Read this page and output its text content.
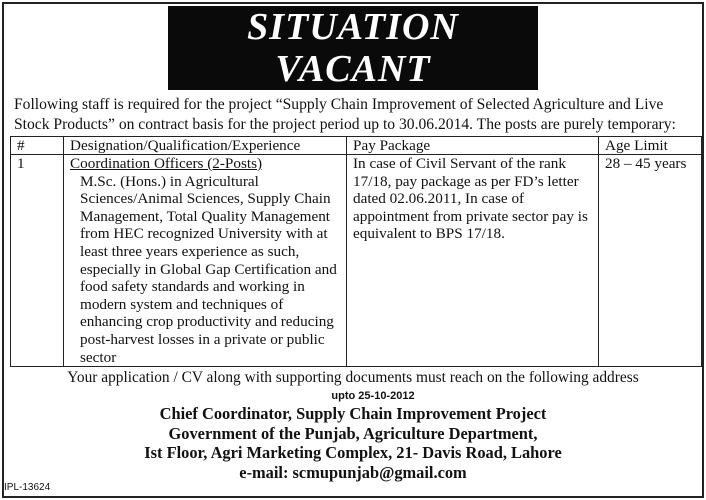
SITUATION VACANT

Following staff is required for the project “Supply Chain Improvement of Selected Agriculture and Live Stock Products” on contract basis for the project period up to 30.06.2014. The posts are purely temporary:

#	Designation/Qualification/Experience	Pay Package	Age Limit
1	Coordination Officers (2-Posts)
M.Sc. (Hons.) in Agricultural Sciences/Animal Sciences, Supply Chain Management, Total Quality Management from HEC recognized University with at least three years experience as such, especially in Global Gap Certification and food safety standards and working in modern system and techniques of enhancing crop productivity and reducing post-harvest losses in a private or public sector	In case of Civil Servant of the rank 17/18, pay package as per FD’s letter dated 02.06.2011, In case of appointment from private sector pay is equivalent to BPS 17/18.	28 – 45 years
Your application / CV along with supporting documents must reach on the following address
upto 25-10-2012
Chief Coordinator, Supply Chain Improvement Project
Government of the Punjab, Agriculture Department,
Ist Floor, Agri Marketing Complex, 21- Davis Road, Lahore
e-mail: scmupunjab@gmail.com
IPL-13624
